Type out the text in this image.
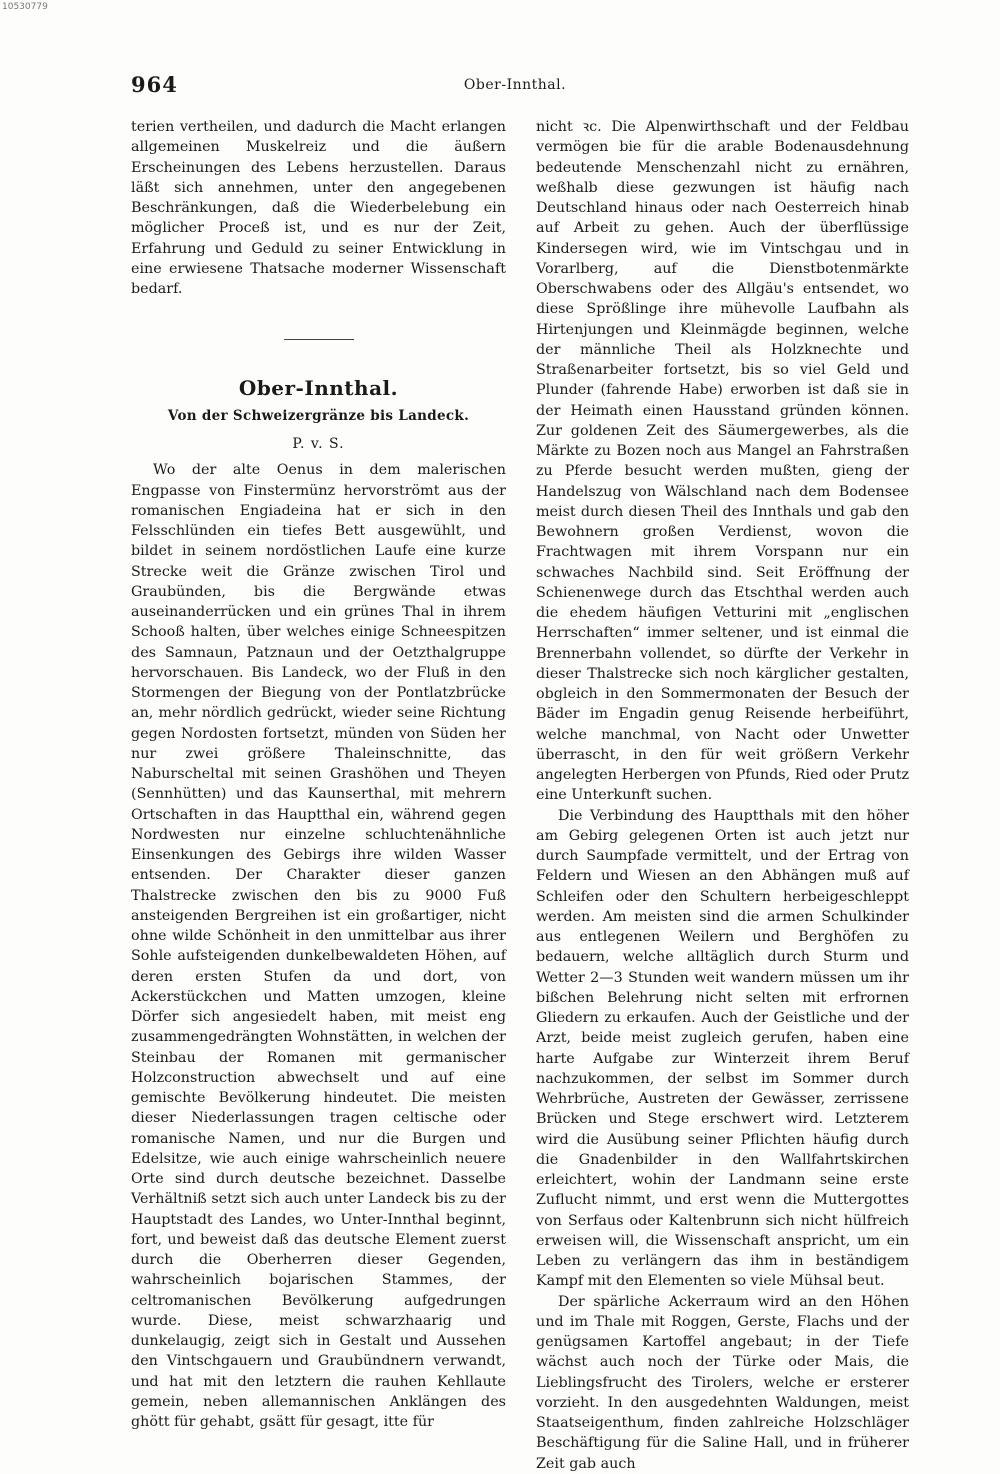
10530779
964	Ober-Innthal.

terien vertheilen, und dadurch die Macht erlangen allgemeinen Muskelreiz und die äußern Erscheinungen des Lebens herzustellen. Daraus läßt sich annehmen, unter den angegebenen Beschränkungen, daß die Wiederbelebung ein möglicher Proceß ist, und es nur der Zeit, Erfahrung und Geduld zu seiner Entwicklung in eine erwiesene Thatsache moderner Wissenschaft bedarf.

Ober-Innthal.
Von der Schweizergränze bis Landeck.
P. v. S.

Wo der alte Oenus in dem malerischen Engpasse von Finstermünz hervorströmt aus der romanischen Engiadeina hat er sich in den Felsschlünden ein tiefes Bett ausgewühlt, und bildet in seinem nordöstlichen Laufe eine kurze Strecke weit die Gränze zwischen Tirol und Graubünden, bis die Bergwände etwas auseinanderrücken und ein grünes Thal in ihrem Schooß halten, über welches einige Schneespitzen des Samnaun, Patznaun und der Oetzthalgruppe hervorschauen. Bis Landeck, wo der Fluß in den Stormengen der Biegung von der Pontlatzbrücke an, mehr nördlich gedrückt, wieder seine Richtung gegen Nordosten fortsetzt, münden von Süden her nur zwei größere Thaleinschnitte, das Naburscheltal mit seinen Grashöhen und Theyen (Sennhütten) und das Kaunserthal, mit mehrern Ortschaften in das Hauptthal ein, während gegen Nordwesten nur einzelne schluchtenähnliche Einsenkungen des Gebirgs ihre wilden Wasser entsenden. Der Charakter dieser ganzen Thalstrecke zwischen den bis zu 9000 Fuß ansteigenden Bergreihen ist ein großartiger, nicht ohne wilde Schönheit in den unmittelbar aus ihrer Sohle aufsteigenden dunkelbewaldeten Höhen, auf deren ersten Stufen da und dort, von Ackerstückchen und Matten umzogen, kleine Dörfer sich angesiedelt haben, mit meist eng zusammengedrängten Wohnstätten, in welchen der Steinbau der Romanen mit germanischer Holzconstruction abwechselt und auf eine gemischte Bevölkerung hindeutet. Die meisten dieser Niederlassungen tragen celtische oder romanische Namen, und nur die Burgen und Edelsitze, wie auch einige wahrscheinlich neuere Orte sind durch deutsche bezeichnet. Dasselbe Verhältniß setzt sich auch unter Landeck bis zu der Hauptstadt des Landes, wo Unter-Innthal beginnt, fort, und beweist daß das deutsche Element zuerst durch die Oberherren dieser Gegenden, wahrscheinlich bojarischen Stammes, der celtromanischen Bevölkerung aufgedrungen wurde. Diese, meist schwarzhaarig und dunkelaugig, zeigt sich in Gestalt und Aussehen den Vintschgauern und Graubündnern verwandt, und hat mit den letztern die rauhen Kehllaute gemein, neben allemannischen Anklängen des ghött für gehabt, gsätt für gesagt, itte für

nicht ꝛc. Die Alpenwirthschaft und der Feldbau vermögen bie für die arable Bodenausdehnung bedeutende Menschenzahl nicht zu ernähren, weßhalb diese gezwungen ist häufig nach Deutschland hinaus oder nach Oesterreich hinab auf Arbeit zu gehen. Auch der überflüssige Kindersegen wird, wie im Vintschgau und in Vorarlberg, auf die Dienstbotenmärkte Oberschwabens oder des Allgäu's entsendet, wo diese Sprößlinge ihre mühevolle Laufbahn als Hirtenjungen und Kleinmägde beginnen, welche der männliche Theil als Holzknechte und Straßenarbeiter fortsetzt, bis so viel Geld und Plunder (fahrende Habe) erworben ist daß sie in der Heimath einen Hausstand gründen können. Zur goldenen Zeit des Säumergewerbes, als die Märkte zu Bozen noch aus Mangel an Fahrstraßen zu Pferde besucht werden mußten, gieng der Handelszug von Wälschland nach dem Bodensee meist durch diesen Theil des Innthals und gab den Bewohnern großen Verdienst, wovon die Frachtwagen mit ihrem Vorspann nur ein schwaches Nachbild sind. Seit Eröffnung der Schienenwege durch das Etschthal werden auch die ehedem häufigen Vetturini mit „englischen Herrschaften“ immer seltener, und ist einmal die Brennerbahn vollendet, so dürfte der Verkehr in dieser Thalstrecke sich noch kärglicher gestalten, obgleich in den Sommermonaten der Besuch der Bäder im Engadin genug Reisende herbeiführt, welche manchmal, von Nacht oder Unwetter überrascht, in den für weit größern Verkehr angelegten Herbergen von Pfunds, Ried oder Prutz eine Unterkunft suchen.

Die Verbindung des Hauptthals mit den höher am Gebirg gelegenen Orten ist auch jetzt nur durch Saumpfade vermittelt, und der Ertrag von Feldern und Wiesen an den Abhängen muß auf Schleifen oder den Schultern herbeigeschleppt werden. Am meisten sind die armen Schulkinder aus entlegenen Weilern und Berghöfen zu bedauern, welche alltäglich durch Sturm und Wetter 2—3 Stunden weit wandern müssen um ihr bißchen Belehrung nicht selten mit erfrornen Gliedern zu erkaufen. Auch der Geistliche und der Arzt, beide meist zugleich gerufen, haben eine harte Aufgabe zur Winterzeit ihrem Beruf nachzukommen, der selbst im Sommer durch Wehrbrüche, Austreten der Gewässer, zerrissene Brücken und Stege erschwert wird. Letzterem wird die Ausübung seiner Pflichten häufig durch die Gnadenbilder in den Wallfahrtskirchen erleichtert, wohin der Landmann seine erste Zuflucht nimmt, und erst wenn die Muttergottes von Serfaus oder Kaltenbrunn sich nicht hülfreich erweisen will, die Wissenschaft anspricht, um ein Leben zu verlängern das ihm in beständigem Kampf mit den Elementen so viele Mühsal beut.

Der spärliche Ackerraum wird an den Höhen und im Thale mit Roggen, Gerste, Flachs und der genügsamen Kartoffel angebaut; in der Tiefe wächst auch noch der Türke oder Mais, die Lieblingsfrucht des Tirolers, welche er ersterer vorzieht. In den ausgedehnten Waldungen, meist Staatseigenthum, finden zahlreiche Holzschläger Beschäftigung für die Saline Hall, und in früherer Zeit gab auch
